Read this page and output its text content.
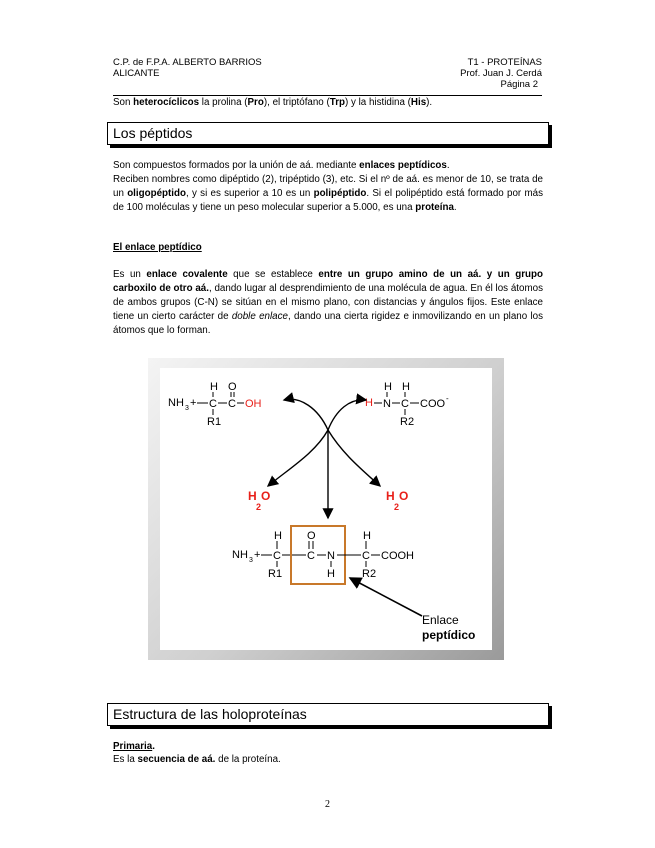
C.P. de F.P.A. ALBERTO BARRIOS
ALICANTE
T1 - PROTEÍNAS
Prof. Juan J. Cerdá
Página 2
Son heterocíclicos la prolina (Pro), el triptófano (Trp) y la histidina (His).
Los péptidos
Son compuestos formados por la unión de aá. mediante enlaces peptídicos.
Reciben nombres como dipéptido (2), tripéptido (3), etc. Si el nº de aá. es menor de 10, se trata de un oligopéptido, y si es superior a 10 es un polipéptido. Si el polipéptido está formado por más de 100 moléculas y tiene un peso molecular superior a 5.000, es una proteína.
El enlace peptídico
Es un enlace covalente que se establece entre un grupo amino de un aá. y un grupo carboxilo de otro aá., dando lugar al desprendimiento de una molécula de agua. En él los átomos de ambos grupos (C-N) se sitúan en el mismo plano, con distancias y ángulos fijos. Este enlace tiene un cierto carácter de doble enlace, dando una cierta rigidez e inmovilizando en un plano los átomos que lo forman.
NH 3 + C
H
R1
C
O
OH	H N
H
C
H
R2
COO -
H
2
O	H
2
O
NH 3 + C
H
R1
C
O
N
H
C
H
R2
COOH
Enlace
peptídico
Estructura de las holoproteínas
Primaria.
Es la secuencia de aá. de la proteína.
2
